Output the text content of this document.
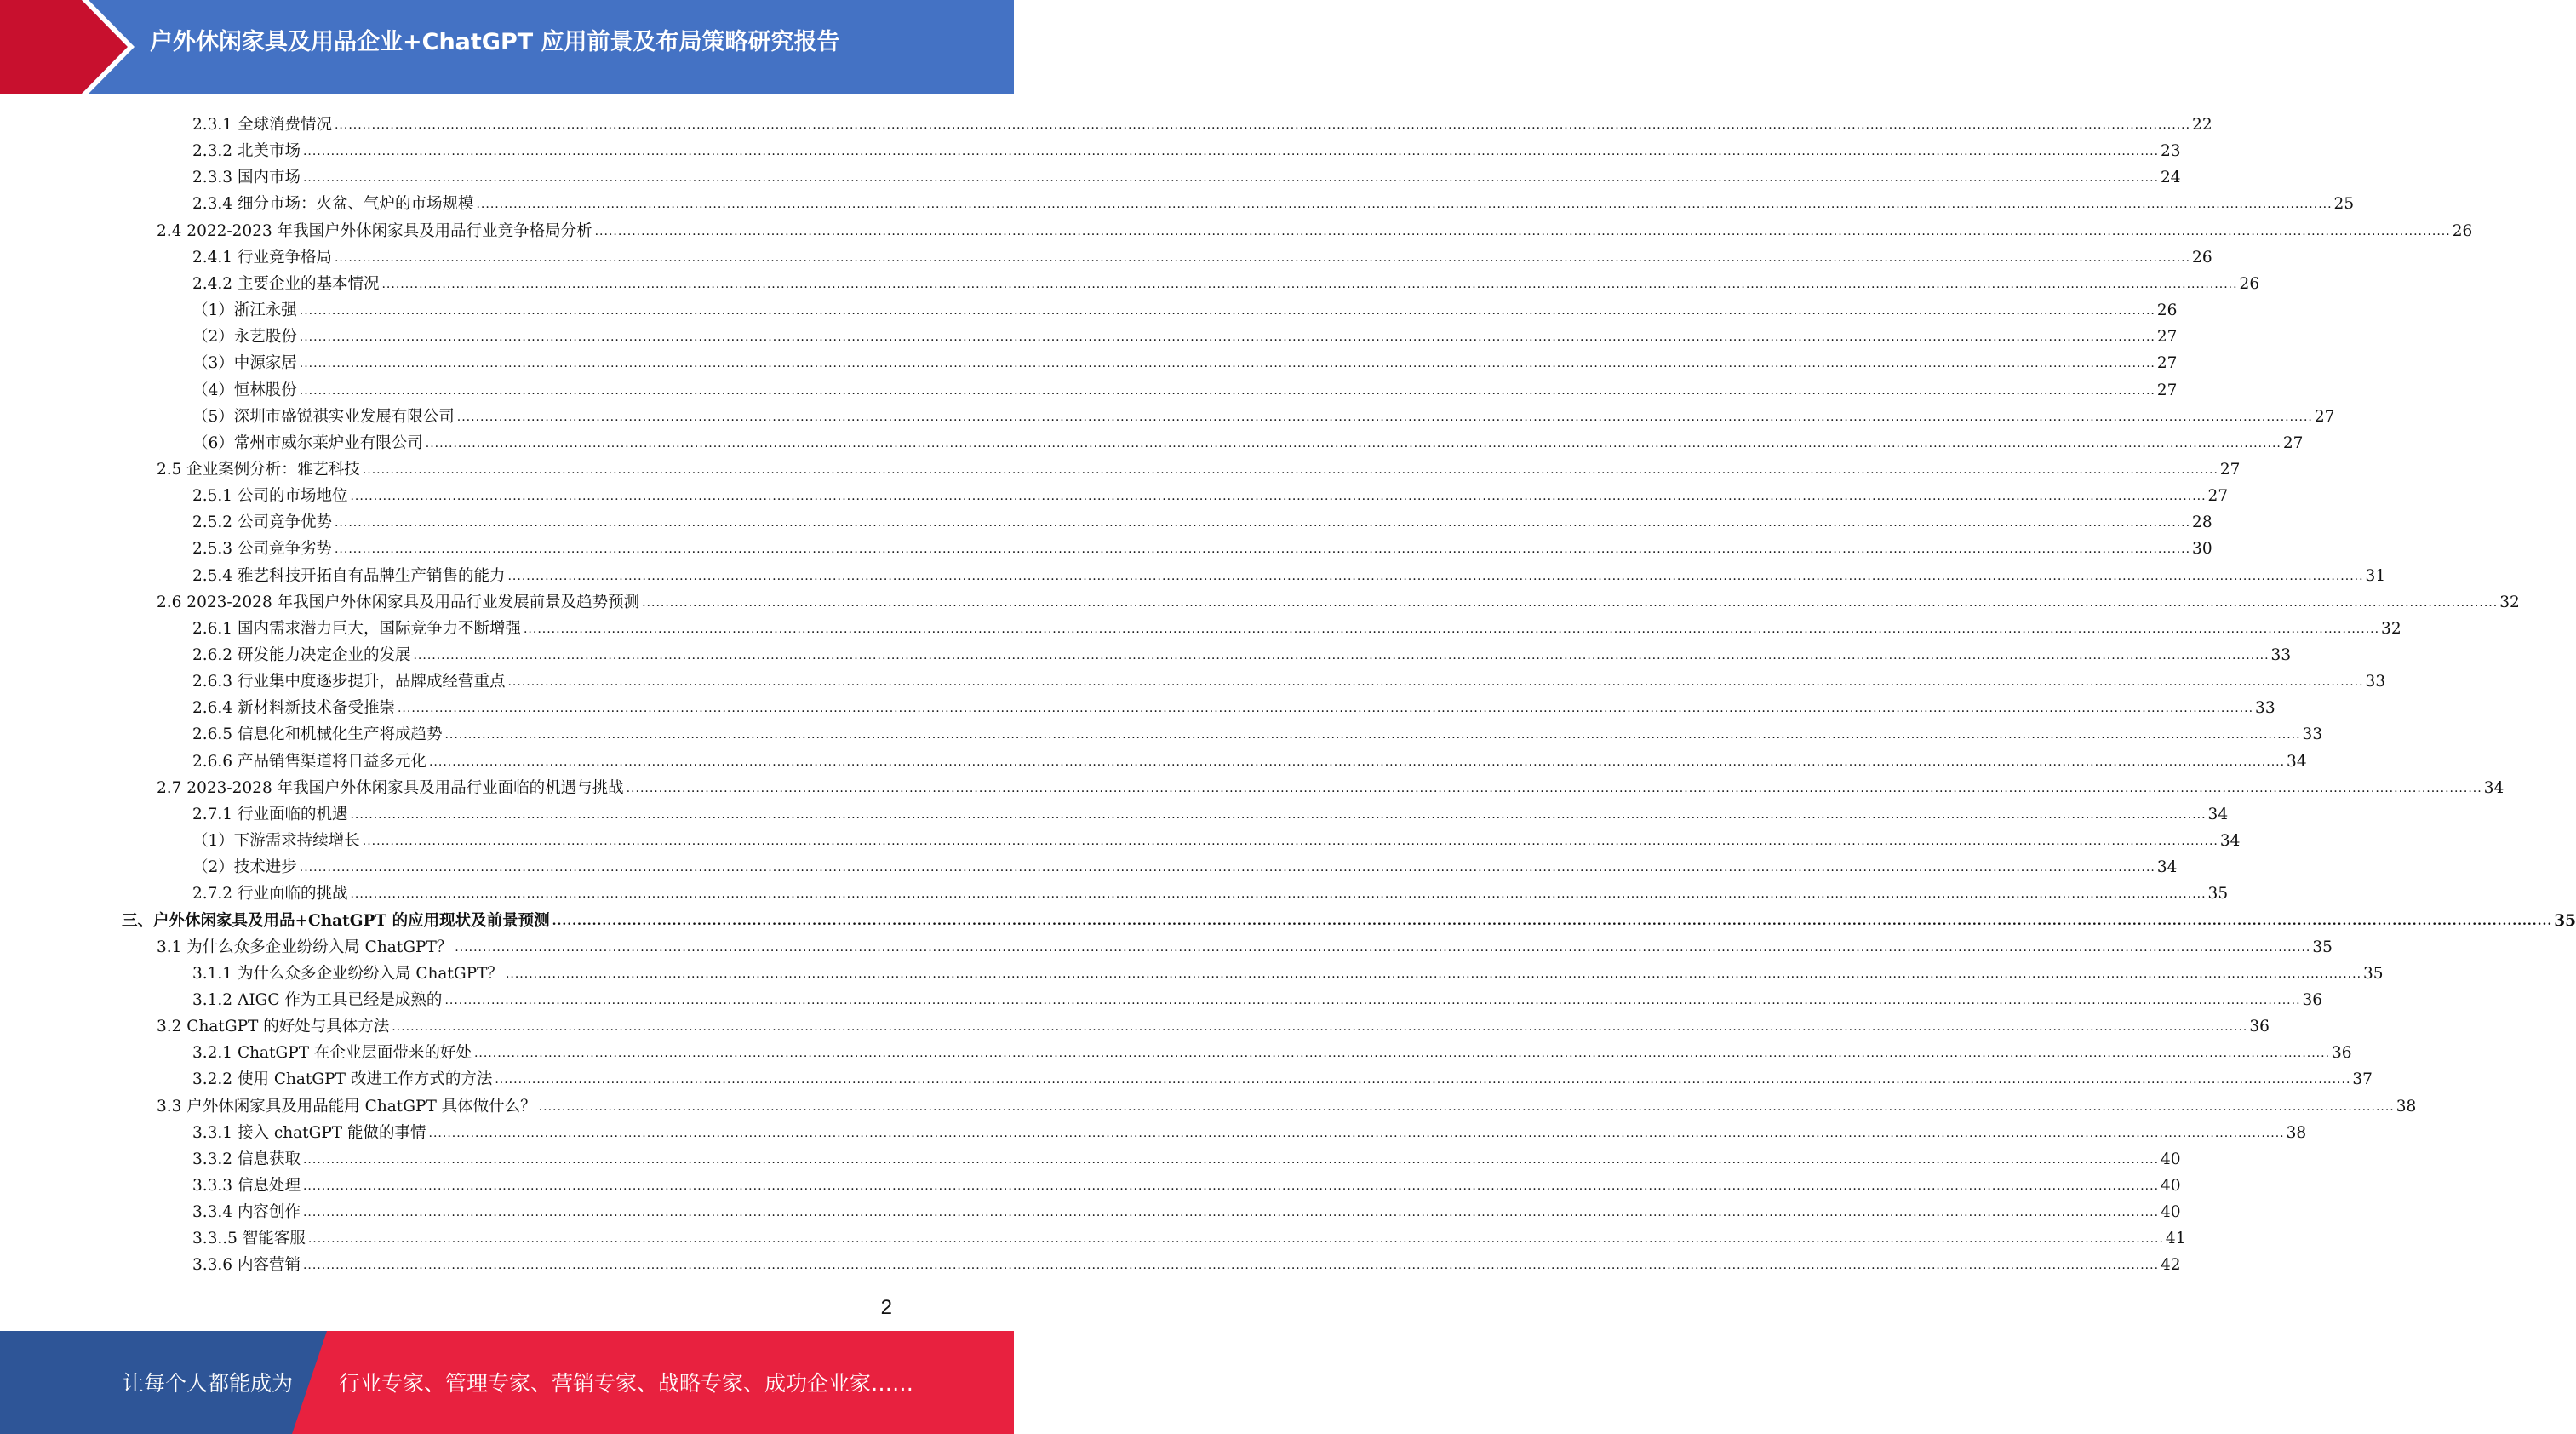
户外休闲家具及用品企业+ChatGPT 应用前景及布局策略研究报告
2.3.1 全球消费情况 ................................................................................................................................................................................................................................................................................................................................................................................................................ 22
2.3.2 北美市场 ................................................................................................................................................................................................................................................................................................................................................................................................................ 23
2.3.3 国内市场 ................................................................................................................................................................................................................................................................................................................................................................................................................ 24
2.3.4 细分市场：火盆、气炉的市场规模 ................................................................................................................................................................................................................................................................................................................................................................................................................ 25
2.4 2022-2023 年我国户外休闲家具及用品行业竞争格局分析 ................................................................................................................................................................................................................................................................................................................................................................................................................ 26
2.4.1 行业竞争格局 ................................................................................................................................................................................................................................................................................................................................................................................................................ 26
2.4.2 主要企业的基本情况 ................................................................................................................................................................................................................................................................................................................................................................................................................ 26
（1）浙江永强 ................................................................................................................................................................................................................................................................................................................................................................................................................ 26
（2）永艺股份 ................................................................................................................................................................................................................................................................................................................................................................................................................ 27
（3）中源家居 ................................................................................................................................................................................................................................................................................................................................................................................................................ 27
（4）恒林股份 ................................................................................................................................................................................................................................................................................................................................................................................................................ 27
（5）深圳市盛锐祺实业发展有限公司 ................................................................................................................................................................................................................................................................................................................................................................................................................ 27
（6）常州市威尔莱炉业有限公司 ................................................................................................................................................................................................................................................................................................................................................................................................................ 27
2.5 企业案例分析：雅艺科技 ................................................................................................................................................................................................................................................................................................................................................................................................................ 27
2.5.1 公司的市场地位 ................................................................................................................................................................................................................................................................................................................................................................................................................ 27
2.5.2 公司竞争优势 ................................................................................................................................................................................................................................................................................................................................................................................................................ 28
2.5.3 公司竞争劣势 ................................................................................................................................................................................................................................................................................................................................................................................................................ 30
2.5.4 雅艺科技开拓自有品牌生产销售的能力 ................................................................................................................................................................................................................................................................................................................................................................................................................ 31
2.6 2023-2028 年我国户外休闲家具及用品行业发展前景及趋势预测 ................................................................................................................................................................................................................................................................................................................................................................................................................ 32
2.6.1 国内需求潜力巨大，国际竞争力不断增强 ................................................................................................................................................................................................................................................................................................................................................................................................................ 32
2.6.2 研发能力决定企业的发展 ................................................................................................................................................................................................................................................................................................................................................................................................................ 33
2.6.3 行业集中度逐步提升，品牌成经营重点 ................................................................................................................................................................................................................................................................................................................................................................................................................ 33
2.6.4 新材料新技术备受推崇 ................................................................................................................................................................................................................................................................................................................................................................................................................ 33
2.6.5 信息化和机械化生产将成趋势 ................................................................................................................................................................................................................................................................................................................................................................................................................ 33
2.6.6 产品销售渠道将日益多元化 ................................................................................................................................................................................................................................................................................................................................................................................................................ 34
2.7 2023-2028 年我国户外休闲家具及用品行业面临的机遇与挑战 ................................................................................................................................................................................................................................................................................................................................................................................................................ 34
2.7.1 行业面临的机遇 ................................................................................................................................................................................................................................................................................................................................................................................................................ 34
（1）下游需求持续增长 ................................................................................................................................................................................................................................................................................................................................................................................................................ 34
（2）技术进步 ................................................................................................................................................................................................................................................................................................................................................................................................................ 34
2.7.2 行业面临的挑战 ................................................................................................................................................................................................................................................................................................................................................................................................................ 35
三、户外休闲家具及用品+ChatGPT 的应用现状及前景预测 ................................................................................................................................................................................................................................................................................................................................................................................................................ 35
3.1 为什么众多企业纷纷入局 ChatGPT？ ................................................................................................................................................................................................................................................................................................................................................................................................................ 35
3.1.1 为什么众多企业纷纷入局 ChatGPT？ ................................................................................................................................................................................................................................................................................................................................................................................................................ 35
3.1.2 AIGC 作为工具已经是成熟的 ................................................................................................................................................................................................................................................................................................................................................................................................................ 36
3.2 ChatGPT 的好处与具体方法 ................................................................................................................................................................................................................................................................................................................................................................................................................ 36
3.2.1 ChatGPT 在企业层面带来的好处 ................................................................................................................................................................................................................................................................................................................................................................................................................ 36
3.2.2 使用 ChatGPT 改进工作方式的方法 ................................................................................................................................................................................................................................................................................................................................................................................................................ 37
3.3 户外休闲家具及用品能用 ChatGPT 具体做什么？ ................................................................................................................................................................................................................................................................................................................................................................................................................ 38
3.3.1 接入 chatGPT 能做的事情 ................................................................................................................................................................................................................................................................................................................................................................................................................ 38
3.3.2 信息获取 ................................................................................................................................................................................................................................................................................................................................................................................................................ 40
3.3.3 信息处理 ................................................................................................................................................................................................................................................................................................................................................................................................................ 40
3.3.4 内容创作 ................................................................................................................................................................................................................................................................................................................................................................................................................ 40
3.3..5 智能客服 ................................................................................................................................................................................................................................................................................................................................................................................................................ 41
3.3.6 内容营销 ................................................................................................................................................................................................................................................................................................................................................................................................................ 42
2
让每个人都能成为 行业专家、管理专家、营销专家、战略专家、成功企业家……
